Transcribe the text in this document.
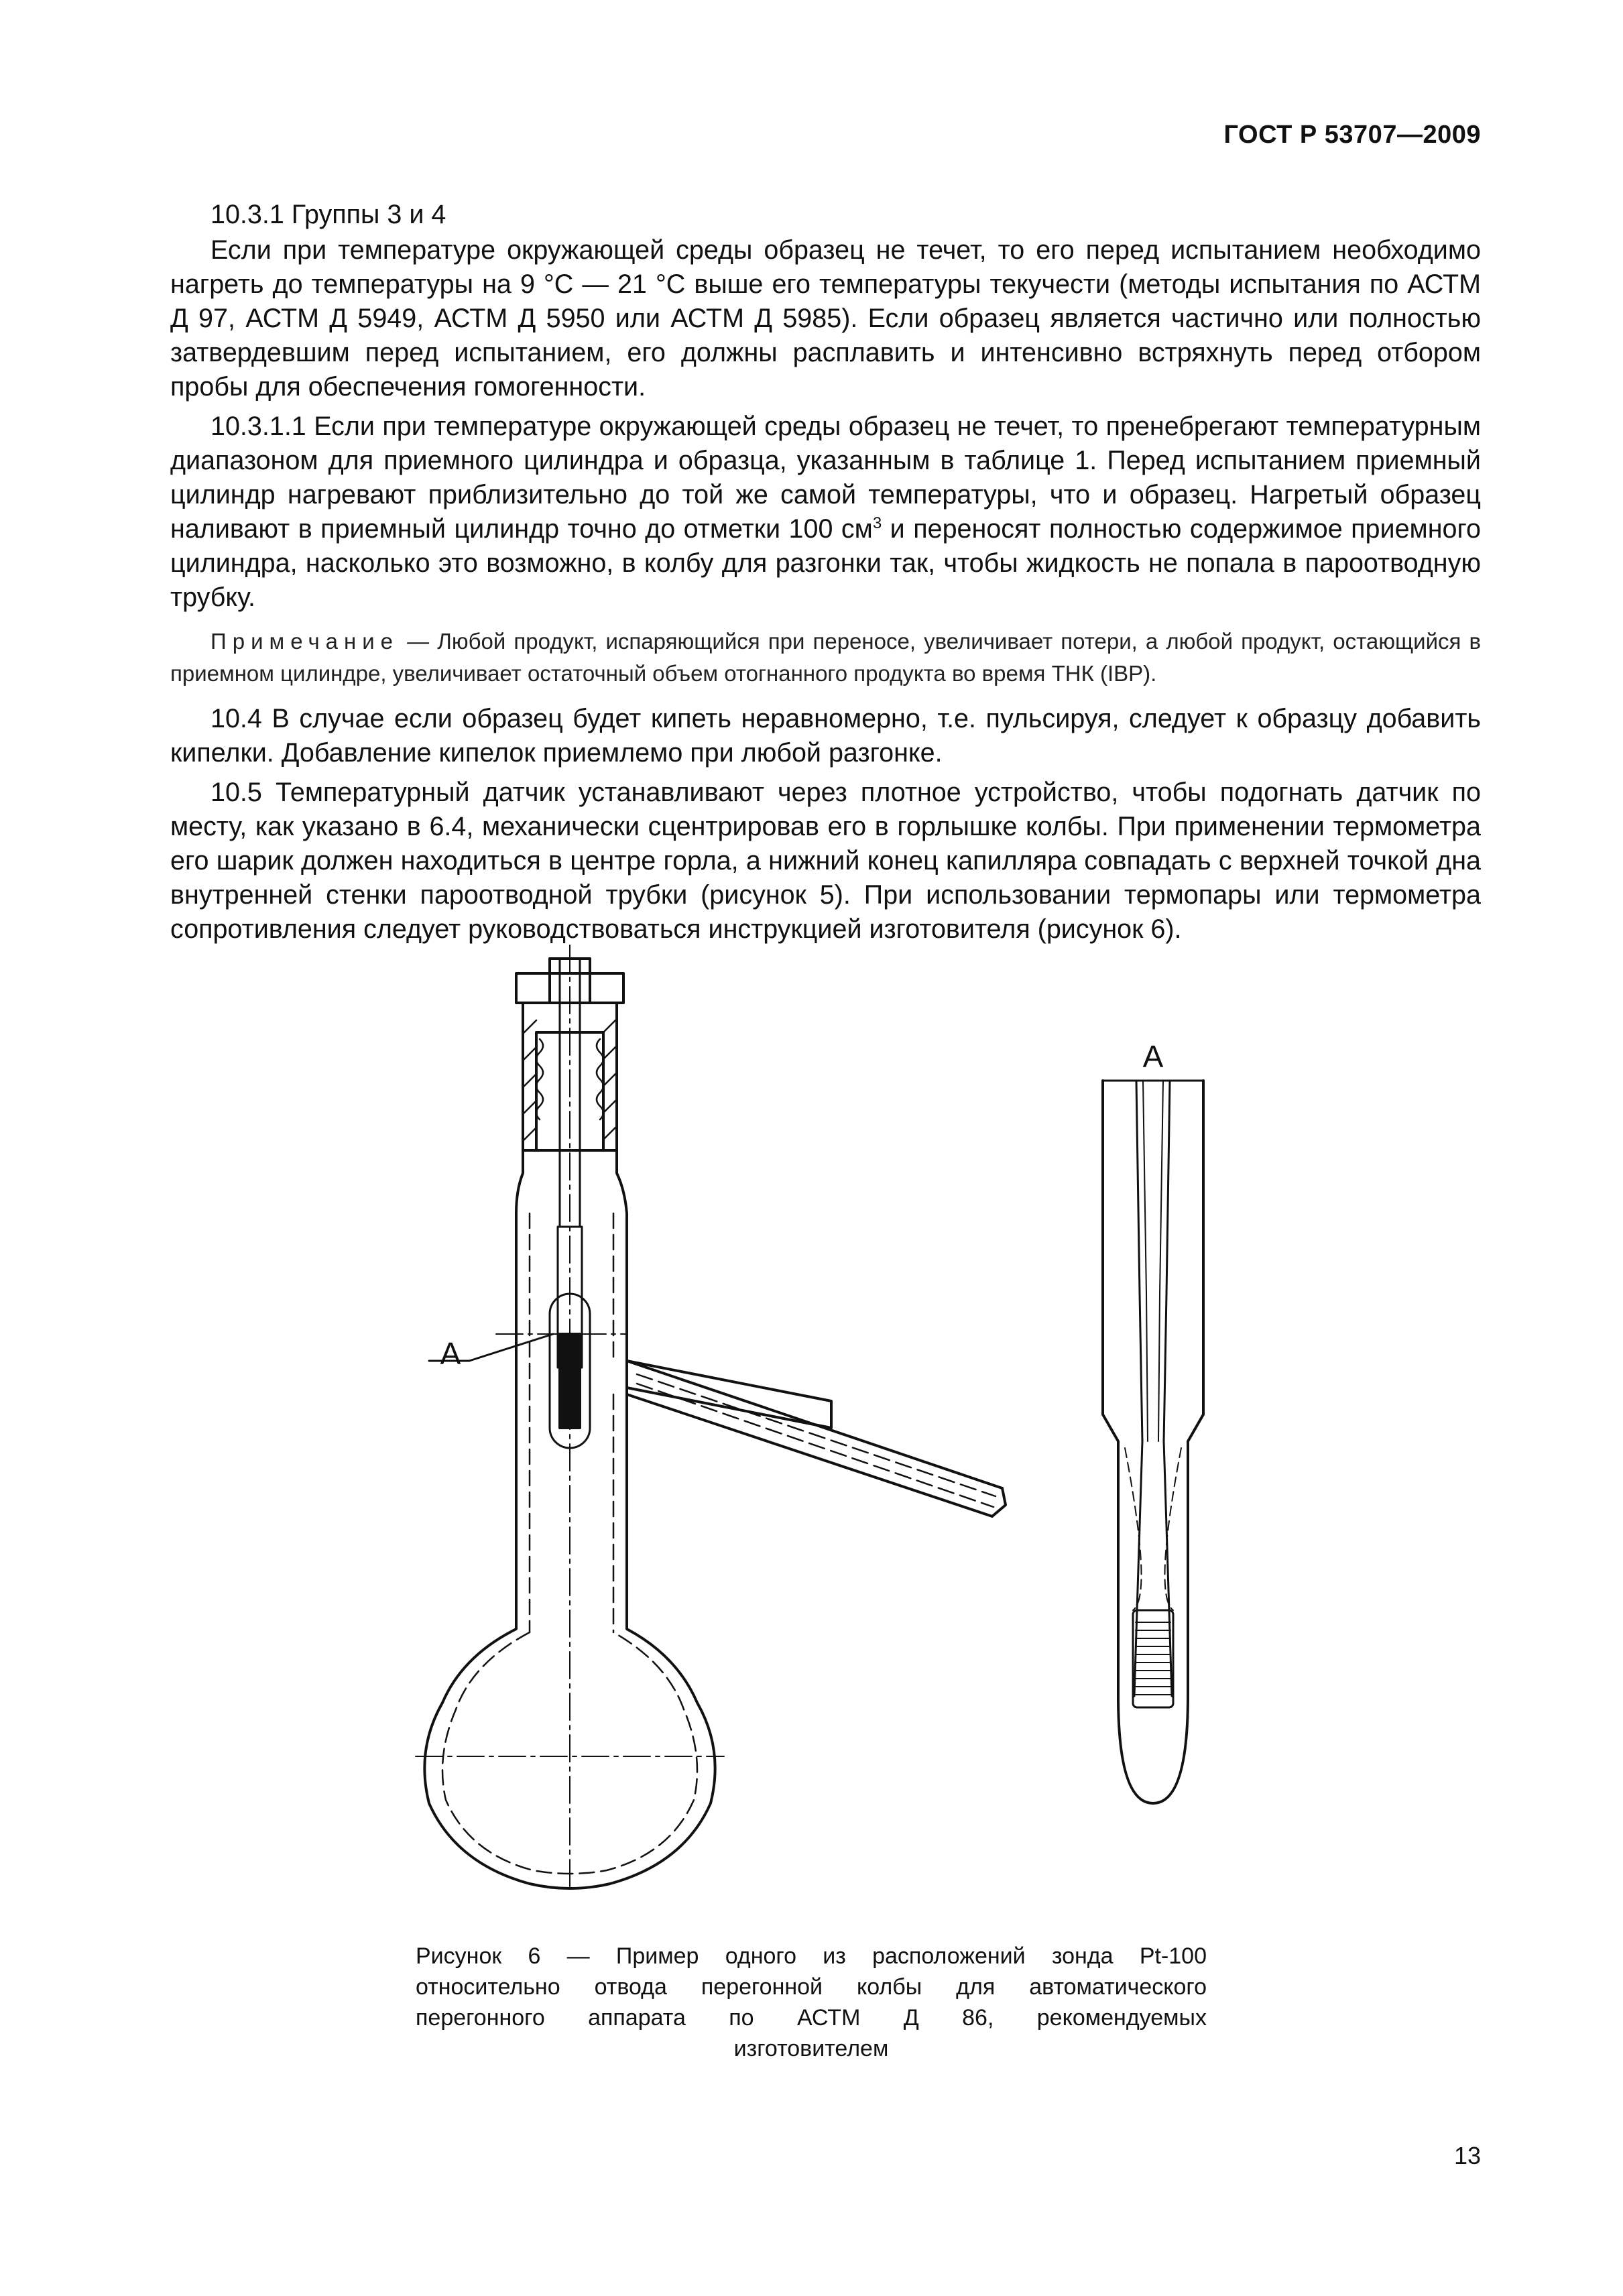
ГОСТ Р 53707—2009

10.3.1 Группы 3 и 4

Если при температуре окружающей среды образец не течет, то его перед испытанием необходимо нагреть до температуры на 9 °С — 21 °С выше его температуры текучести (методы испытания по АСТМ Д 97, АСТМ Д 5949, АСТМ Д 5950 или АСТМ Д 5985). Если образец является частично или полностью затвердевшим перед испытанием, его должны расплавить и интенсивно встряхнуть перед отбором пробы для обеспечения гомогенности.

10.3.1.1 Если при температуре окружающей среды образец не течет, то пренебрегают температурным диапазоном для приемного цилиндра и образца, указанным в таблице 1. Перед испытанием приемный цилиндр нагревают приблизительно до той же самой температуры, что и образец. Нагретый образец наливают в приемный цилиндр точно до отметки 100 $см^3$ и переносят полностью содержимое приемного цилиндра, насколько это возможно, в колбу для разгонки так, чтобы жидкость не попала в пароотводную трубку.

Примечание — Любой продукт, испаряющийся при переносе, увеличивает потери, а любой продукт, остающийся в приемном цилиндре, увеличивает остаточный объем отогнанного продукта во время ТНК (IBP).

10.4 В случае если образец будет кипеть неравномерно, т.е. пульсируя, следует к образцу добавить кипелки. Добавление кипелок приемлемо при любой разгонке.

10.5 Температурный датчик устанавливают через плотное устройство, чтобы подогнать датчик по месту, как указано в 6.4, механически сцентрировав его в горлышке колбы. При применении термометра его шарик должен находиться в центре горла, а нижний конец капилляра совпадать с верхней точкой дна внутренней стенки пароотводной трубки (рисунок 5). При использовании термопары или термометра сопротивления следует руководствоваться инструкцией изготовителя (рисунок 6).

А
А
Рисунок 6 — Пример одного из расположений зонда Pt-100
относительно отвода перегонной колбы для автоматического
перегонного аппарата по АСТМ Д 86, рекомендуемых
изготовителем
13
